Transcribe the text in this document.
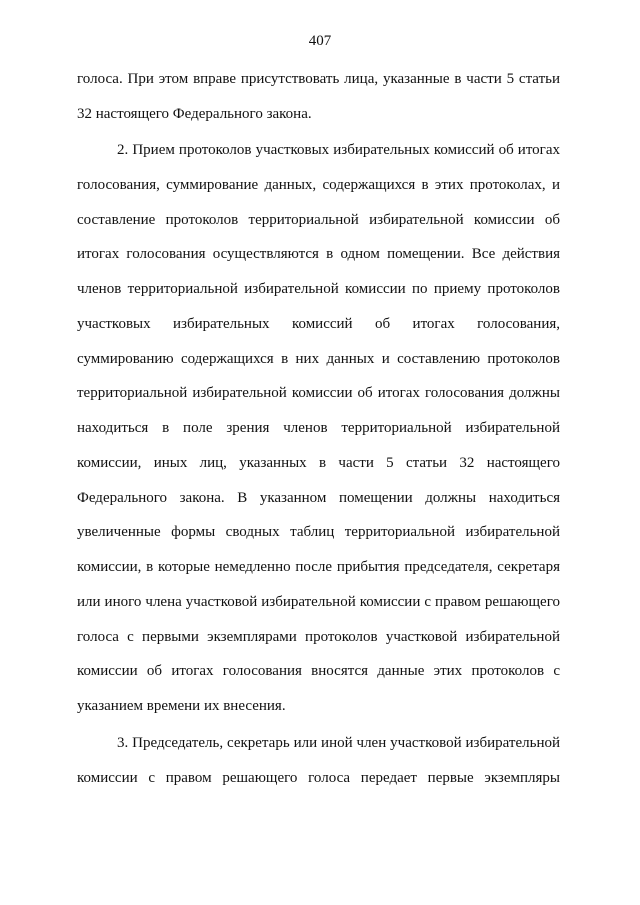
407
голоса. При этом вправе присутствовать лица, указанные в части 5 статьи
32 настоящего Федерального закона.
2. Прием протоколов участковых избирательных комиссий об итогах
голосования, суммирование данных, содержащихся в этих протоколах, и
составление протоколов территориальной избирательной комиссии об
итогах голосования осуществляются в одном помещении. Все действия
членов территориальной избирательной комиссии по приему протоколов
участковых избирательных комиссий об итогах голосования,
суммированию содержащихся в них данных и составлению протоколов
территориальной избирательной комиссии об итогах голосования должны
находиться в поле зрения членов территориальной избирательной
комиссии, иных лиц, указанных в части 5 статьи 32 настоящего
Федерального закона. В указанном помещении должны находиться
увеличенные формы сводных таблиц территориальной избирательной
комиссии, в которые немедленно после прибытия председателя, секретаря
или иного члена участковой избирательной комиссии с правом решающего
голоса с первыми экземплярами протоколов участковой избирательной
комиссии об итогах голосования вносятся данные этих протоколов с
указанием времени их внесения.
3. Председатель, секретарь или иной член участковой избирательной
комиссии с правом решающего голоса передает первые экземпляры
